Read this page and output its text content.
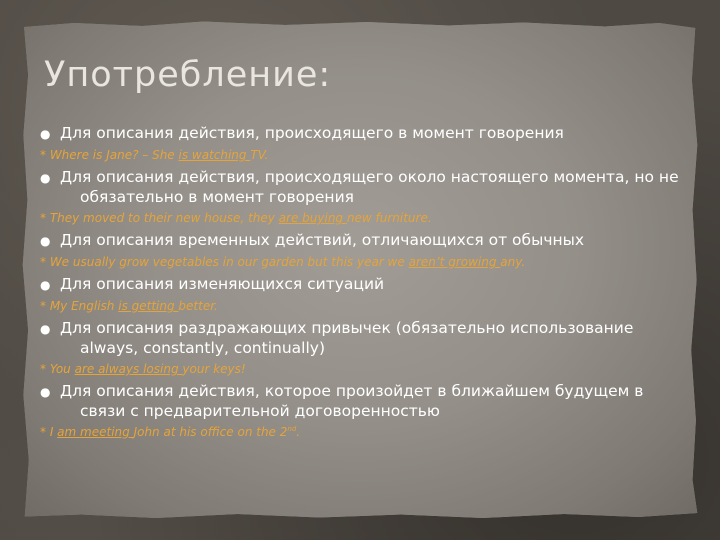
Употребление:

● Для описания действия, происходящего в момент говорения

* Where is Jane? – She is watching TV.

● Для описания действия, происходящего около настоящего момента, но не обязательно в момент говорения

* They moved to their new house, they are buying new furniture.

● Для описания временных действий, отличающихся от обычных

* We usually grow vegetables in our garden but this year we aren’t growing any.

● Для описания изменяющихся ситуаций

* My English is getting better.

● Для описания раздражающих привычек (обязательно использование always, constantly, continually)

* You are always losing your keys!

● Для описания действия, которое произойдет в ближайшем будущем в связи с предварительной договоренностью

* I am meeting John at his office on the 2nd.
